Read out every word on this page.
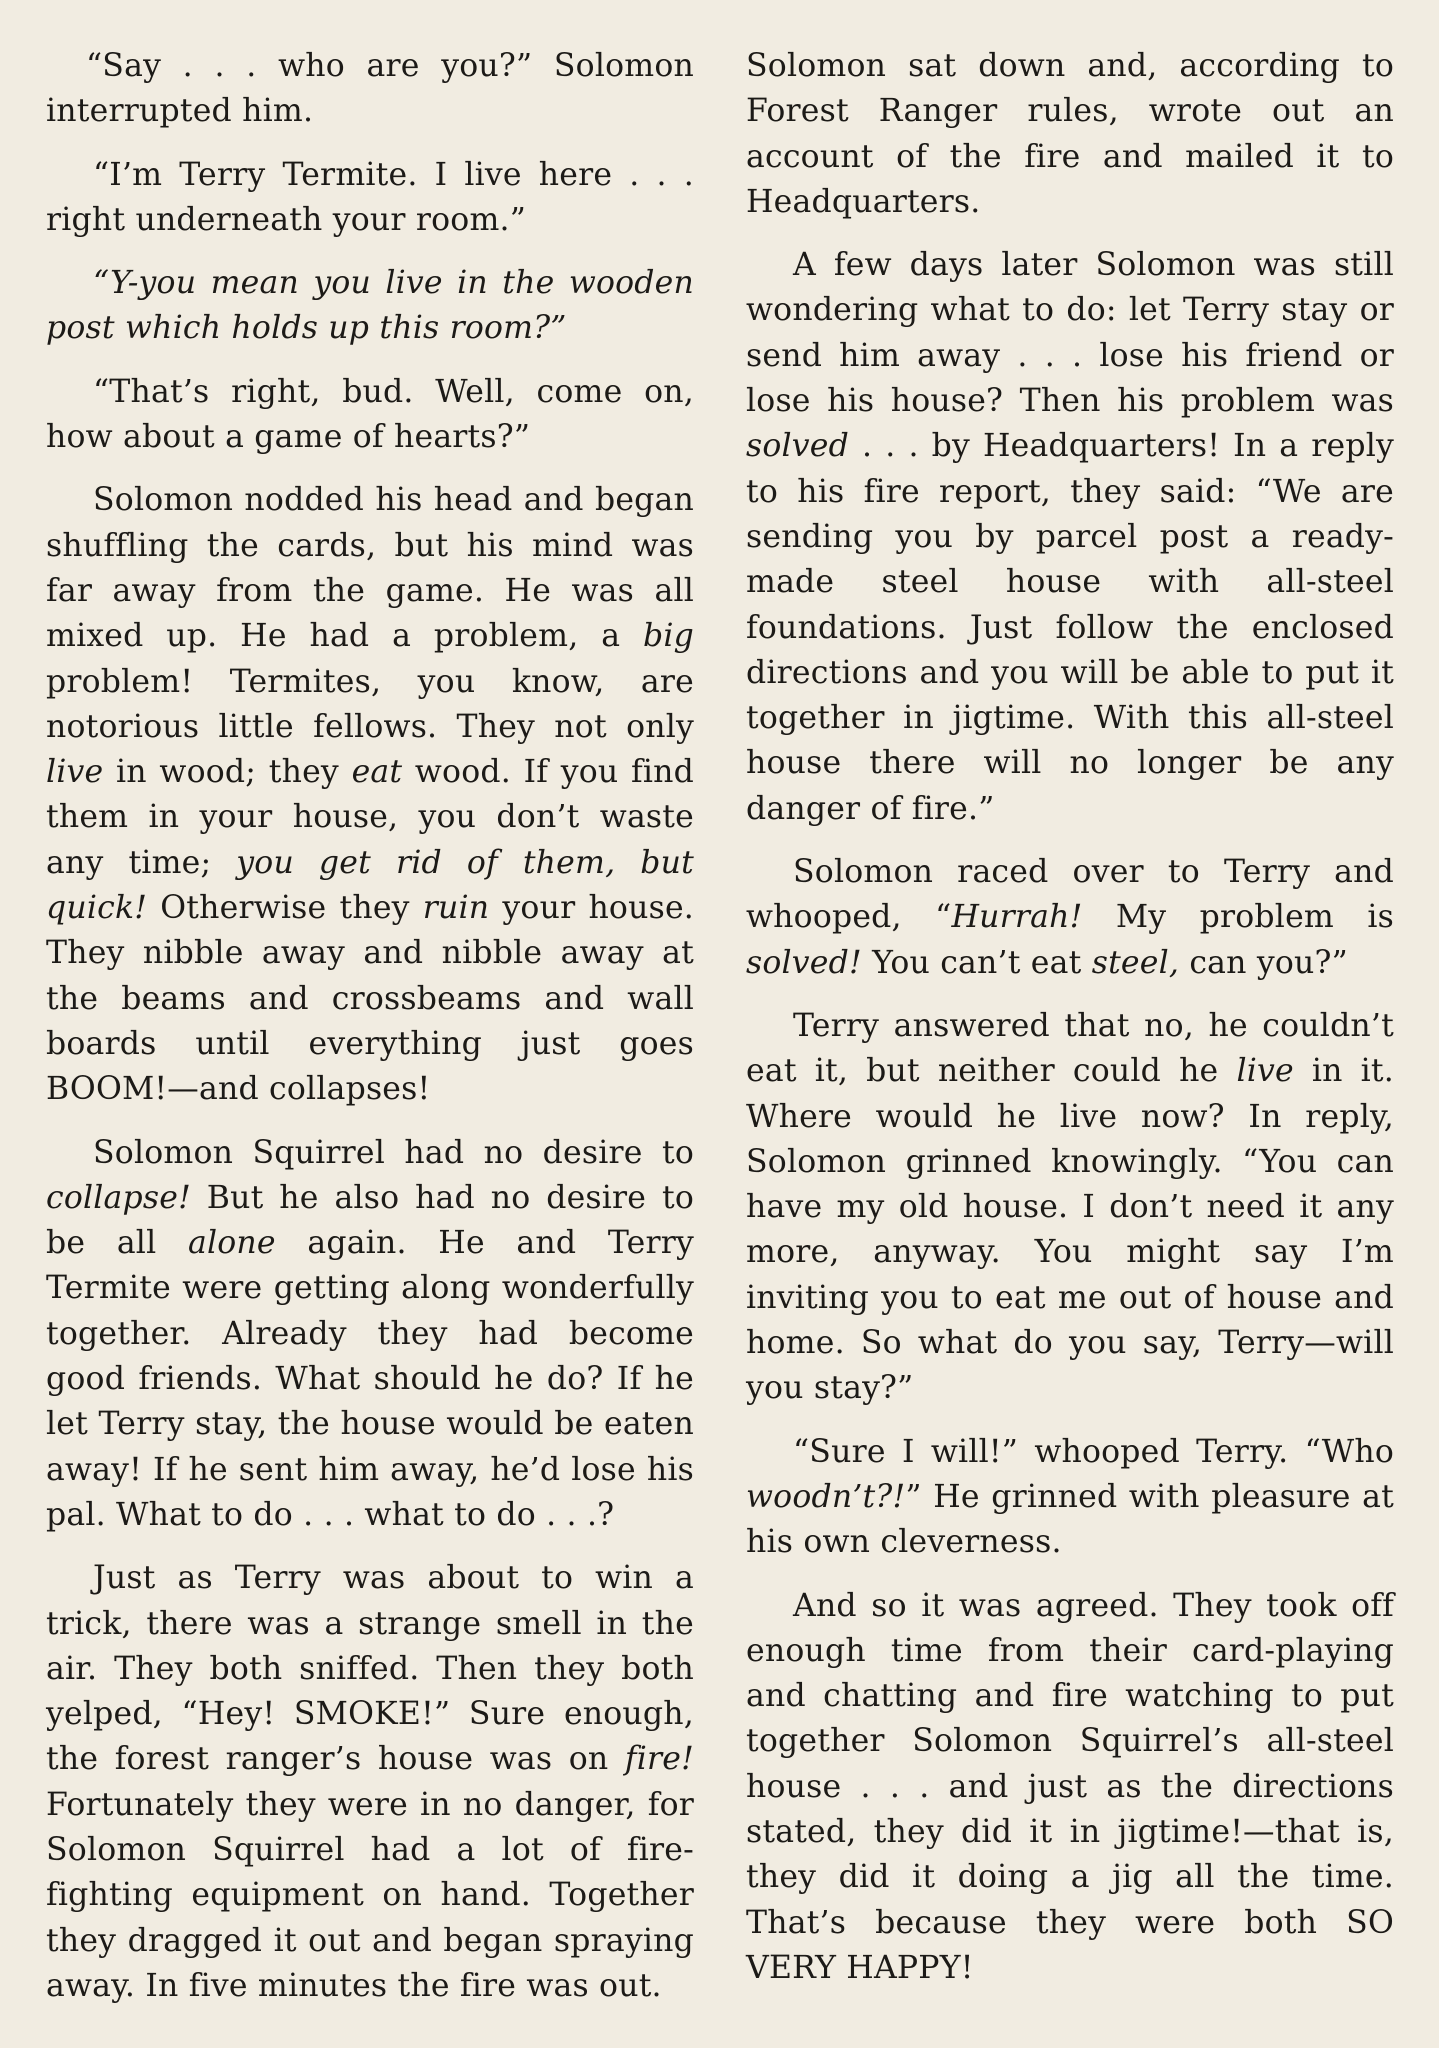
“Say . . . who are you?” Solomon interrupted him.

“I’m Terry Termite. I live here . . . right underneath your room.”

“Y-you mean you live in the wooden post which holds up this room?”

“That’s right, bud. Well, come on, how about a game of hearts?”

Solomon nodded his head and began shuffling the cards, but his mind was far away from the game. He was all mixed up. He had a problem, a big problem! Termites, you know, are notorious little fellows. They not only live in wood; they eat wood. If you find them in your house, you don’t waste any time; you get rid of them, but quick! Otherwise they ruin your house. They nibble away and nibble away at the beams and crossbeams and wall boards until everything just goes BOOM!—and collapses!

Solomon Squirrel had no desire to collapse! But he also had no desire to be all alone again. He and Terry Termite were getting along wonderfully together. Already they had become good friends. What should he do? If he let Terry stay, the house would be eaten away! If he sent him away, he’d lose his pal. What to do . . . what to do . . .?

Just as Terry was about to win a trick, there was a strange smell in the air. They both sniffed. Then they both yelped, “Hey! SMOKE!” Sure enough, the forest ranger’s house was on fire! Fortunately they were in no danger, for Solomon Squirrel had a lot of fire-fighting equipment on hand. Together they dragged it out and began spraying away. In five minutes the fire was out.

Solomon sat down and, according to Forest Ranger rules, wrote out an account of the fire and mailed it to Headquarters.

A few days later Solomon was still wondering what to do: let Terry stay or send him away . . . lose his friend or lose his house? Then his problem was solved . . . by Headquarters! In a reply to his fire report, they said: “We are sending you by parcel post a ready-made steel house with all-steel foundations. Just follow the enclosed directions and you will be able to put it together in jigtime. With this all-steel house there will no longer be any danger of fire.”

Solomon raced over to Terry and whooped, “Hurrah! My problem is solved! You can’t eat steel, can you?”

Terry answered that no, he couldn’t eat it, but neither could he live in it. Where would he live now? In reply, Solomon grinned knowingly. “You can have my old house. I don’t need it any more, anyway. You might say I’m inviting you to eat me out of house and home. So what do you say, Terry—will you stay?”

“Sure I will!” whooped Terry. “Who woodn’t?!” He grinned with pleasure at his own cleverness.

And so it was agreed. They took off enough time from their card-playing and chatting and fire watching to put together Solomon Squirrel’s all-steel house . . . and just as the directions stated, they did it in jigtime!—that is, they did it doing a jig all the time. That’s because they were both SO VERY HAPPY!
